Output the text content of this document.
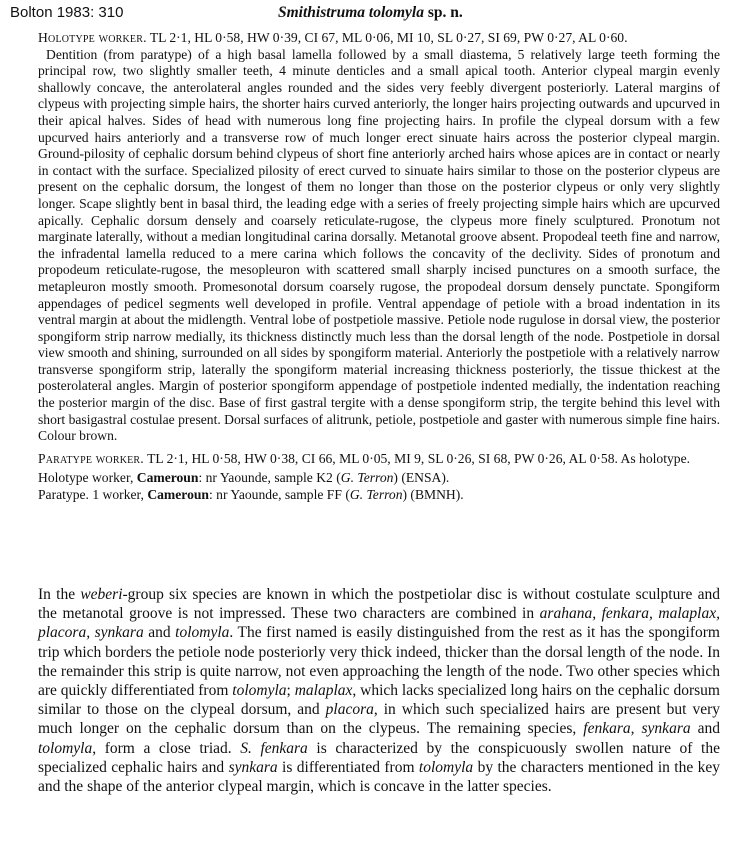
Bolton 1983: 310	Smithistruma tolomyla sp. n.

Holotype worker. TL 2·1, HL 0·58, HW 0·39, CI 67, ML 0·06, MI 10, SL 0·27, SI 69, PW 0·27, AL 0·60.

Dentition (from paratype) of a high basal lamella followed by a small diastema, 5 relatively large teeth forming the principal row, two slightly smaller teeth, 4 minute denticles and a small apical tooth. Anterior clypeal margin evenly shallowly concave, the anterolateral angles rounded and the sides very feebly divergent posteriorly. Lateral margins of clypeus with projecting simple hairs, the shorter hairs curved anteriorly, the longer hairs projecting outwards and upcurved in their apical halves. Sides of head with numerous long fine projecting hairs. In profile the clypeal dorsum with a few upcurved hairs anteriorly and a transverse row of much longer erect sinuate hairs across the posterior clypeal margin. Ground-pilosity of cephalic dorsum behind clypeus of short fine anteriorly arched hairs whose apices are in contact or nearly in contact with the surface. Specialized pilosity of erect curved to sinuate hairs similar to those on the posterior clypeus are present on the cephalic dorsum, the longest of them no longer than those on the posterior clypeus or only very slightly longer. Scape slightly bent in basal third, the leading edge with a series of freely projecting simple hairs which are upcurved apically. Cephalic dorsum densely and coarsely reticulate-rugose, the clypeus more finely sculptured. Pronotum not marginate laterally, without a median longitudinal carina dorsally. Metanotal groove absent. Propodeal teeth fine and narrow, the infradental lamella reduced to a mere carina which follows the concavity of the declivity. Sides of pronotum and propodeum reticulate-rugose, the mesopleuron with scattered small sharply incised punctures on a smooth surface, the metapleuron mostly smooth. Promesonotal dorsum coarsely rugose, the propodeal dorsum densely punctate. Spongiform appendages of pedicel segments well developed in profile. Ventral appendage of petiole with a broad indentation in its ventral margin at about the midlength. Ventral lobe of postpetiole massive. Petiole node rugulose in dorsal view, the posterior spongiform strip narrow medially, its thickness distinctly much less than the dorsal length of the node. Postpetiole in dorsal view smooth and shining, surrounded on all sides by spongiform material. Anteriorly the postpetiole with a relatively narrow transverse spongiform strip, laterally the spongiform material increasing thickness posteriorly, the tissue thickest at the posterolateral angles. Margin of posterior spongiform appendage of postpetiole indented medially, the indentation reaching the posterior margin of the disc. Base of first gastral tergite with a dense spongiform strip, the tergite behind this level with short basigastral costulae present. Dorsal surfaces of alitrunk, petiole, postpetiole and gaster with numerous simple fine hairs. Colour brown.

Paratype worker. TL 2·1, HL 0·58, HW 0·38, CI 66, ML 0·05, MI 9, SL 0·26, SI 68, PW 0·26, AL 0·58. As holotype.

Holotype worker, Cameroun: nr Yaounde, sample K2 (G. Terron) (ENSA).

Paratype. 1 worker, Cameroun: nr Yaounde, sample FF (G. Terron) (BMNH).

In the weberi-group six species are known in which the postpetiolar disc is without costulate sculpture and the metanotal groove is not impressed. These two characters are combined in arahana, fenkara, malaplax, placora, synkara and tolomyla. The first named is easily distinguished from the rest as it has the spongiform trip which borders the petiole node posteriorly very thick indeed, thicker than the dorsal length of the node. In the remainder this strip is quite narrow, not even approaching the length of the node. Two other species which are quickly differentiated from tolomyla; malaplax, which lacks specialized long hairs on the cephalic dorsum similar to those on the clypeal dorsum, and placora, in which such specialized hairs are present but very much longer on the cephalic dorsum than on the clypeus. The remaining species, fenkara, synkara and tolomyla, form a close triad. S. fenkara is characterized by the conspicuously swollen nature of the specialized cephalic hairs and synkara is differentiated from tolomyla by the characters mentioned in the key and the shape of the anterior clypeal margin, which is concave in the latter species.
